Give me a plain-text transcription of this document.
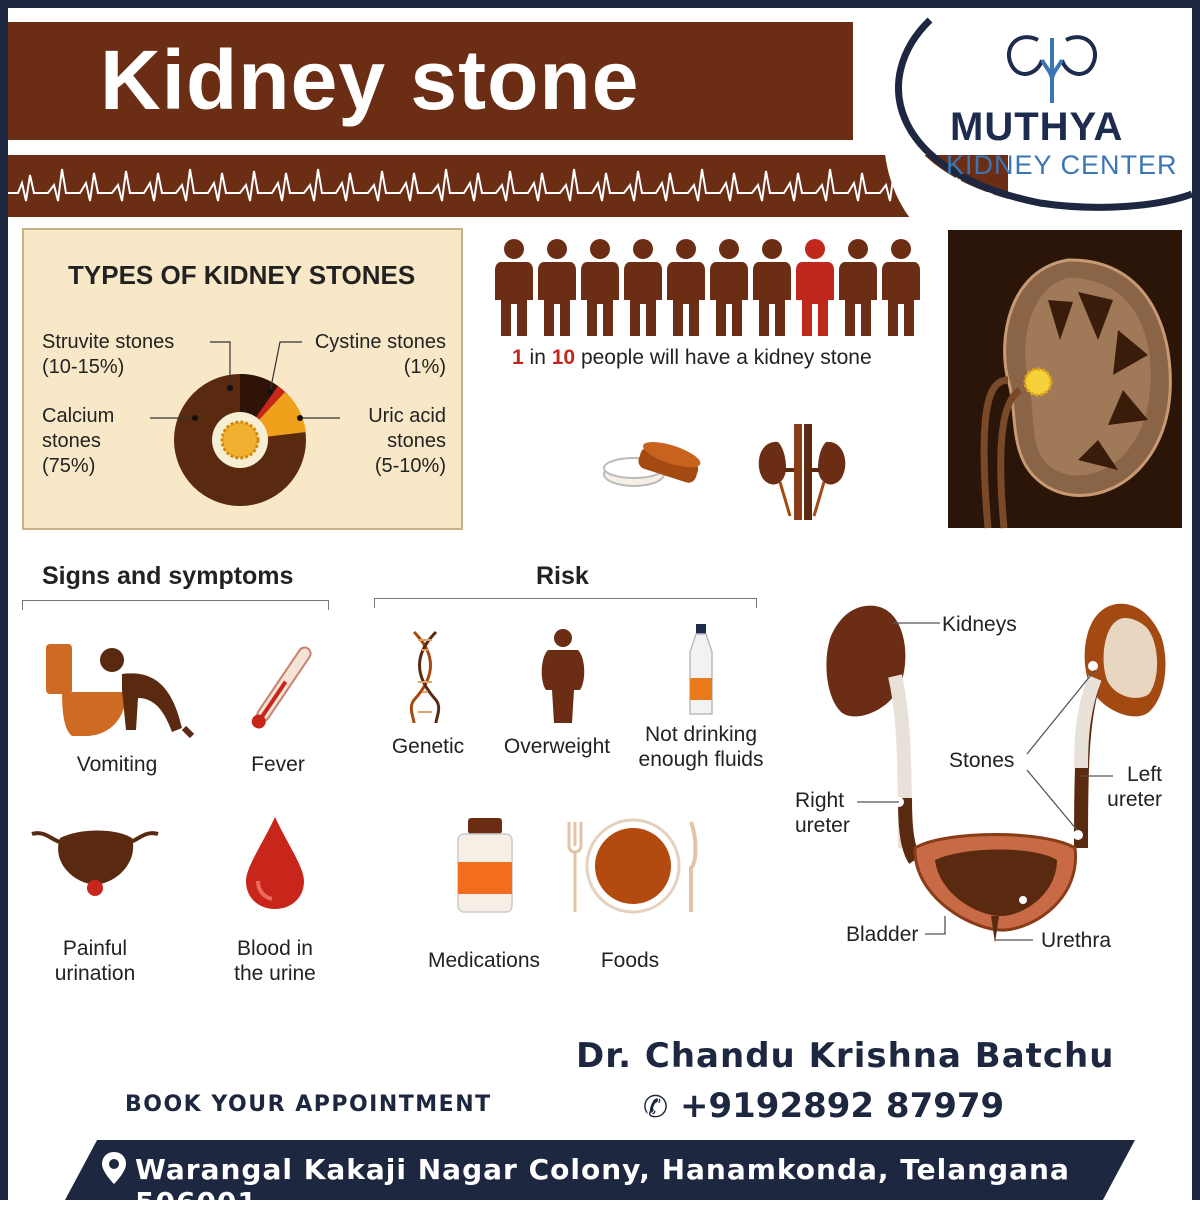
Kidney stone	MUTHYA
KIDNEY CENTER
TYPES OF KIDNEY STONES
Struvite stones
(10-15%)
Cystine stones
(1%)
Calcium
stones
(75%)
Uric acid
stones
(5-10%)
1 in 10 people will have a kidney stone
Signs and symptoms
Vomiting	Fever
Painful
urination
Blood in
the urine
Risk
Genetic	Overweight
Not drinking
enough fluids
Medications	Foods
Kidneys
Stones
Right
ureter
Left
ureter
Bladder	Urethra
Dr. Chandu Krishna Batchu
✆ +9192892 87979
BOOK YOUR APPOINTMENT
Warangal Kakaji Nagar Colony, Hanamkonda, Telangana 506001
